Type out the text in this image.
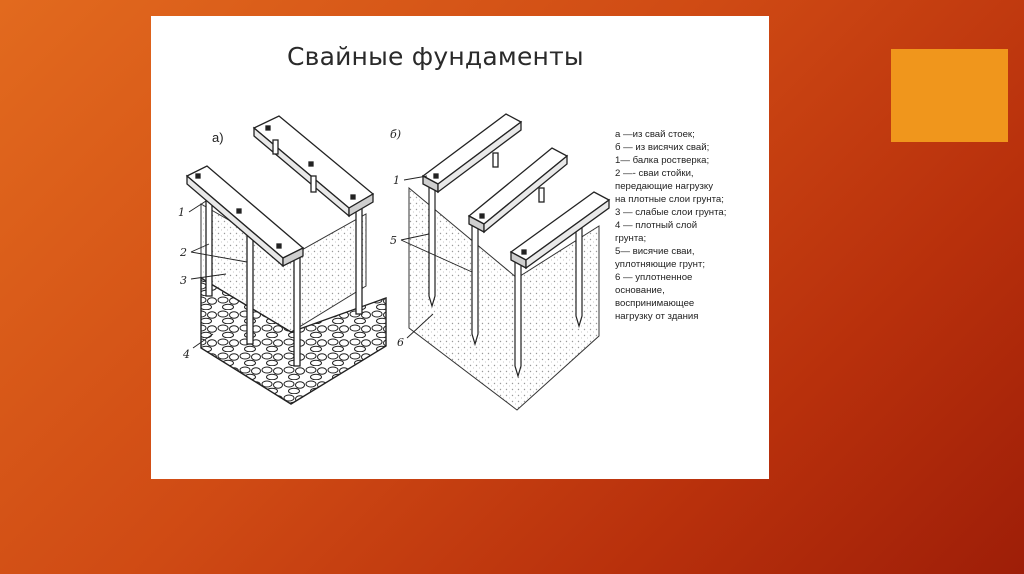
Свайные фундаменты
а)
1
2
3
4
б)
1
5
6
а —из свай стоек;
б — из висячих свай;
1— балка ростверка;
2 —- сваи стойки,
передающие нагрузку
на плотные слои грунта;
3 — слабые слои грунта;
4 — плотный слой
грунта;
5— висячие сваи,
уплотняющие грунт;
6 — уплотненное
основание,
воспринимающее
нагрузку от здания
